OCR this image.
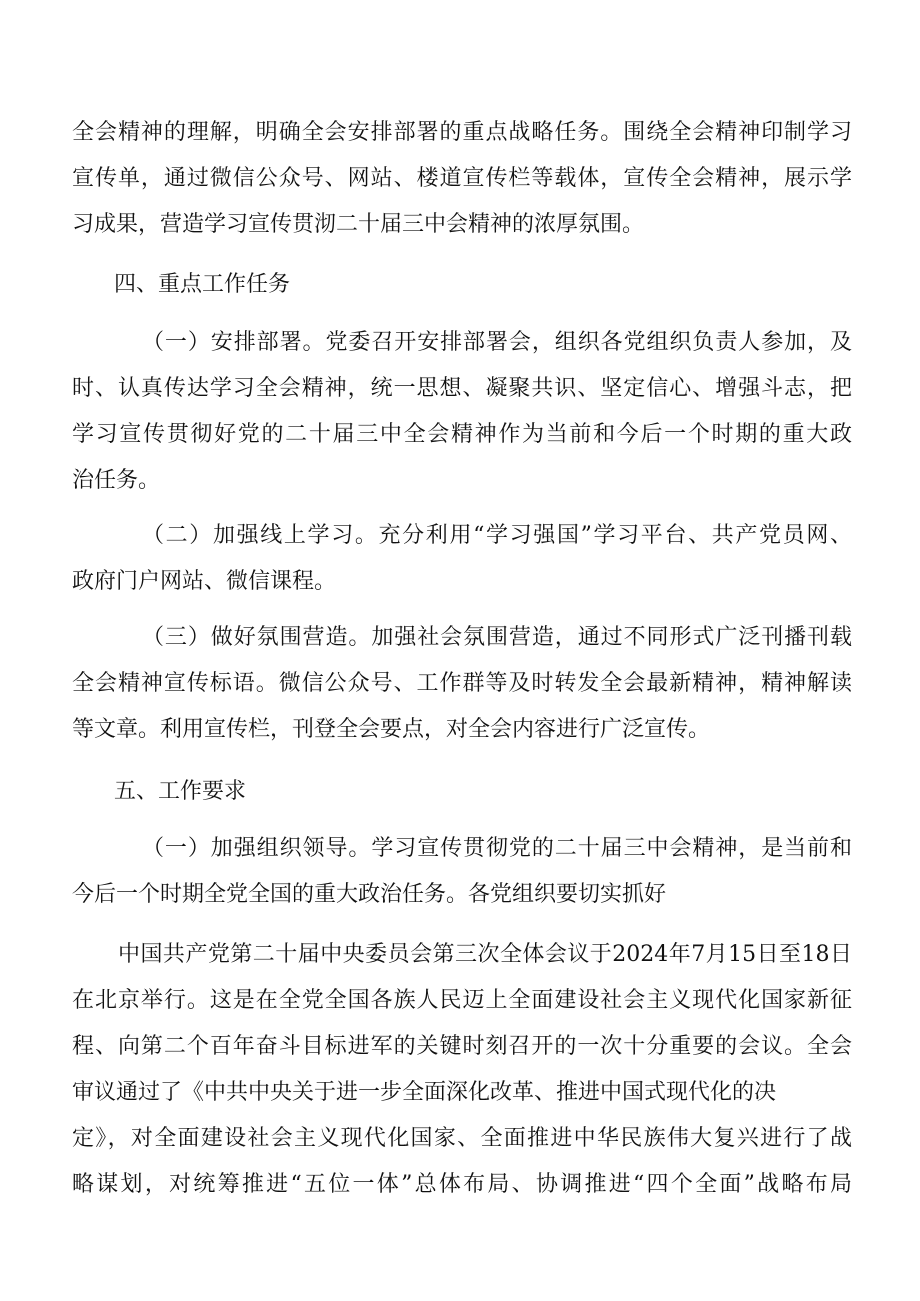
全会精神的理解，明确全会安排部署的重点战略任务。围绕全会精神印制学习
宣传单，通过微信公众号、网站、楼道宣传栏等载体，宣传全会精神，展示学
习成果，营造学习宣传贯沏二十届三中会精神的浓厚氛围。
四、重点工作任务
（一）安排部署。党委召开安排部署会，组织各党组织负责人参加，及
时、认真传达学习全会精神，统一思想、凝聚共识、坚定信心、增强斗志，把
学习宣传贯彻好党的二十届三中全会精神作为当前和今后一个时期的重大政
治任务。
（二）加强线上学习。充分利用“学习强国”学习平台、共产党员网、
政府门户网站、微信课程。
（三）做好氛围营造。加强社会氛围营造，通过不同形式广泛刊播刊载
全会精神宣传标语。微信公众号、工作群等及时转发全会最新精神，精神解读
等文章。利用宣传栏，刊登全会要点，对全会内容进行广泛宣传。
五、工作要求
（一）加强组织领导。学习宣传贯彻党的二十届三中会精神，是当前和
今后一个时期全党全国的重大政治任务。各党组织要切实抓好
中国共产党第二十届中央委员会第三次全体会议于2024年7月15日至18日
在北京举行。这是在全党全国各族人民迈上全面建设社会主义现代化国家新征
程、向第二个百年奋斗目标进军的关键时刻召开的一次十分重要的会议。全会
审议通过了《中共中央关于进一步全面深化改革、推进中国式现代化的决
定》，对全面建设社会主义现代化国家、全面推进中华民族伟大复兴进行了战
略谋划，对统筹推进“五位一体”总体布局、协调推进“四个全面”战略布局
